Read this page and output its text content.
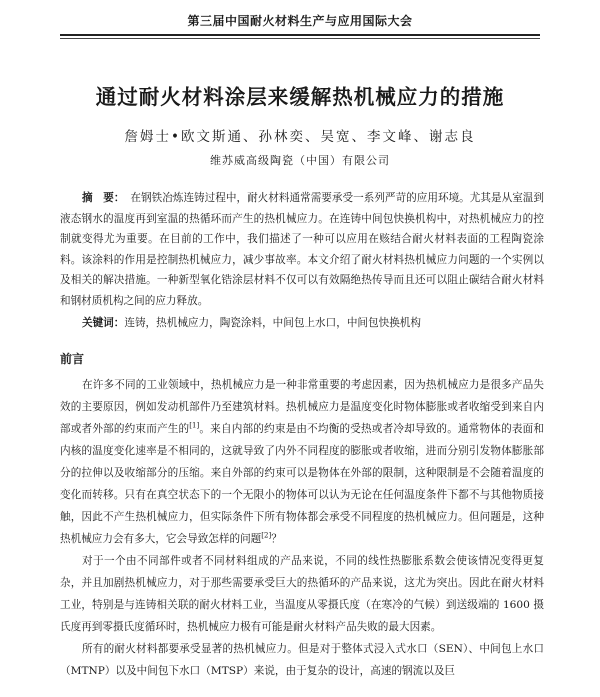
第三届中国耐火材料生产与应用国际大会
通过耐火材料涂层来缓解热机械应力的措施
詹姆士•欧文斯通、孙林奕、吴宽、李文峰、谢志良
维苏威高级陶瓷（中国）有限公司
摘　要： 在钢铁冶炼连铸过程中，耐火材料通常需要承受一系列严苛的应用环境。尤其是从室温到液态钢水的温度再到室温的热循环而产生的热机械应力。在连铸中间包快换机构中，对热机械应力的控制就变得尤为重要。在目前的工作中，我们描述了一种可以应用在赅结合耐火材料表面的工程陶瓷涂料。该涂料的作用是控制热机械应力，减少事故率。本文介绍了耐火材料热机械应力问题的一个实例以及相关的解决措施。一种新型氧化锆涂层材料不仅可以有效隔绝热传导而且还可以阻止碳结合耐火材料和钢材质机构之间的应力释放。
关键词：连铸，热机械应力，陶瓷涂料，中间包上水口，中间包快换机构
前言

在许多不同的工业领域中，热机械应力是一种非常重要的考虑因素，因为热机械应力是很多产品失效的主要原因，例如发动机部件乃至建筑材料。热机械应力是温度变化时物体膨胀或者收缩受到来自内部或者外部的约束而产生的[1]。来自内部的约束是由不均衡的受热或者冷却导致的。通常物体的表面和内核的温度变化速率是不相同的，这就导致了内外不同程度的膨胀或者收缩，进而分别引发物体膨胀部分的拉伸以及收缩部分的压缩。来自外部的约束可以是物体在外部的限制，这种限制是不会随着温度的变化而转移。只有在真空状态下的一个无限小的物体可以认为无论在任何温度条件下都不与其他物质接触，因此不产生热机械应力，但实际条件下所有物体都会承受不同程度的热机械应力。但问题是，这种热机械应力会有多大，它会导致怎样的问题[2]？

对于一个由不同部件或者不同材料组成的产品来说，不同的线性热膨胀系数会使该情况变得更复杂，并且加剧热机械应力，对于那些需要承受巨大的热循环的产品来说，这尤为突出。因此在耐火材料工业，特别是与连铸相关联的耐火材料工业，当温度从零摄氏度（在寒冷的气候）到送级端的 1600 摄氏度再到零摄氏度循环时，热机械应力极有可能是耐火材料产品失败的最大因素。

所有的耐火材料都要承受显著的热机械应力。但是对于整体式浸入式水口（SEN）、中间包上水口（MTNP）以及中间包下水口（MTSP）来说，由于复杂的设计，高速的钢流以及巨
